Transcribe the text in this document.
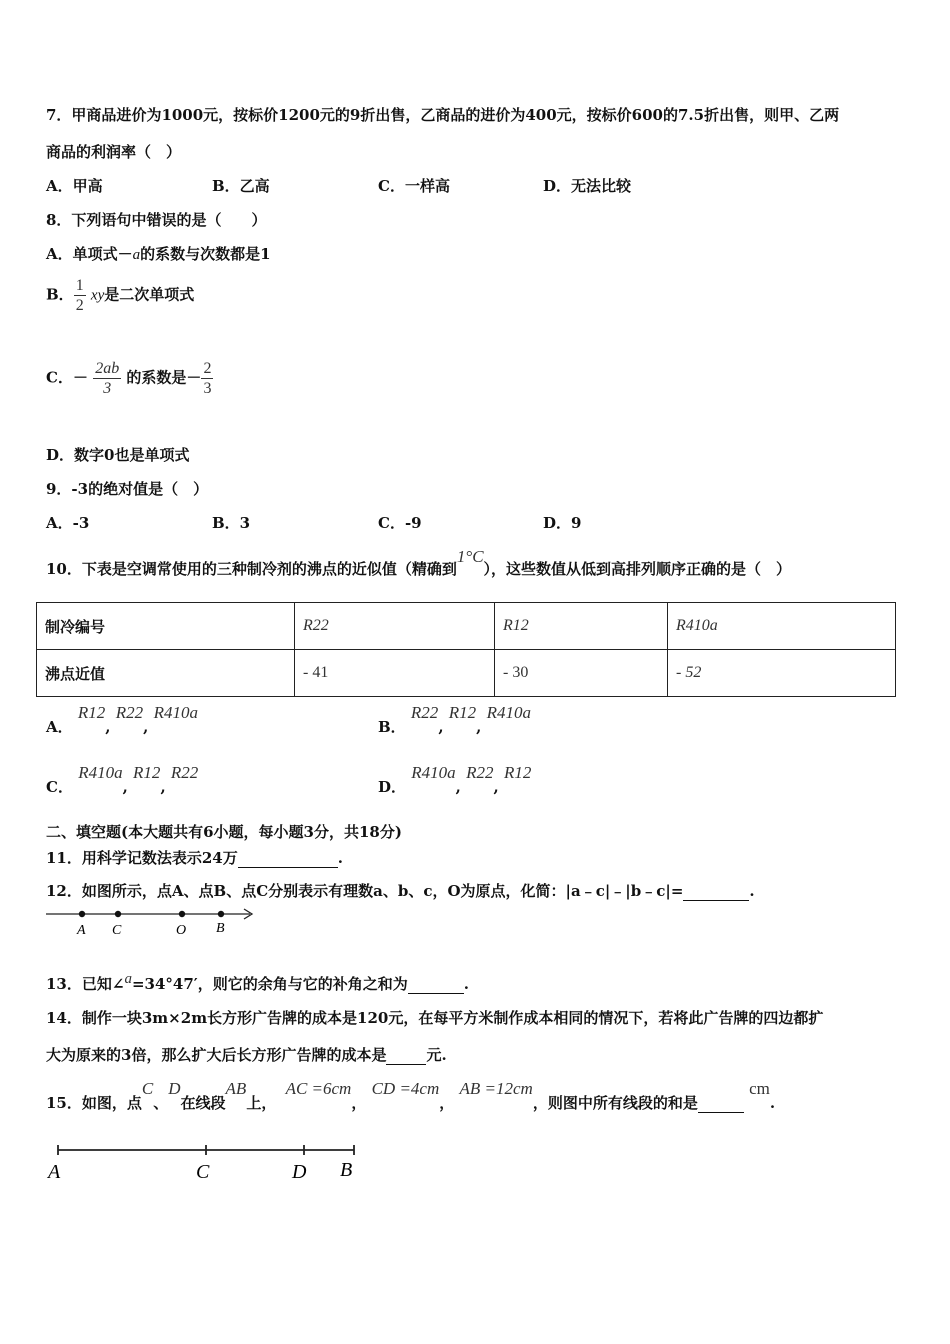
7．甲商品进价为1000元，按标价1200元的9折出售，乙商品的进价为400元，按标价600的7.5折出售，则甲、乙两
商品的利润率（　）
A．甲高	B．乙高	C．一样高	D．无法比较
8．下列语句中错误的是（　　）
A．单项式－a的系数与次数都是1
B． $\frac{1}{2}$ xy是二次单项式
C．－ $\frac{2ab}{3}$ 的系数是－ $\frac{2}{3}$
D．数字0也是单项式
9．-3的绝对值是（　）
A．-3	B．3	C．-9	D．9
10．下表是空调常使用的三种制冷剂的沸点的近似值（精确到1°C），这些数值从低到高排列顺序正确的是（　）
制冷编号	R22	R12	R410a
沸点近值	- 41	- 30	- 52
A． R12, R22, R410a
B． R22, R12, R410a
C． R410a, R12, R22
D． R410a, R22, R12
二、填空题(本大题共有6小题，每小题3分，共18分)
11．用科学记数法表示24万	.
12．如图所示，点A、点B、点C分别表示有理数a、b、c，O为原点，化简：|a﹣c|﹣|b﹣c|=	.
A C	O B
13．已知∠a=34°47′，则它的余角与它的补角之和为	.
14．制作一块3m×2m长方形广告牌的成本是120元，在每平方米制作成本相同的情况下，若将此广告牌的四边都扩
大为原来的3倍，那么扩大后长方形广告牌的成本是	元.
15．如图，点C、D在线段AB上， AC =6cm， CD =4cm， AB =12cm，则图中所有线段的和是 cm.
A	C	D B
